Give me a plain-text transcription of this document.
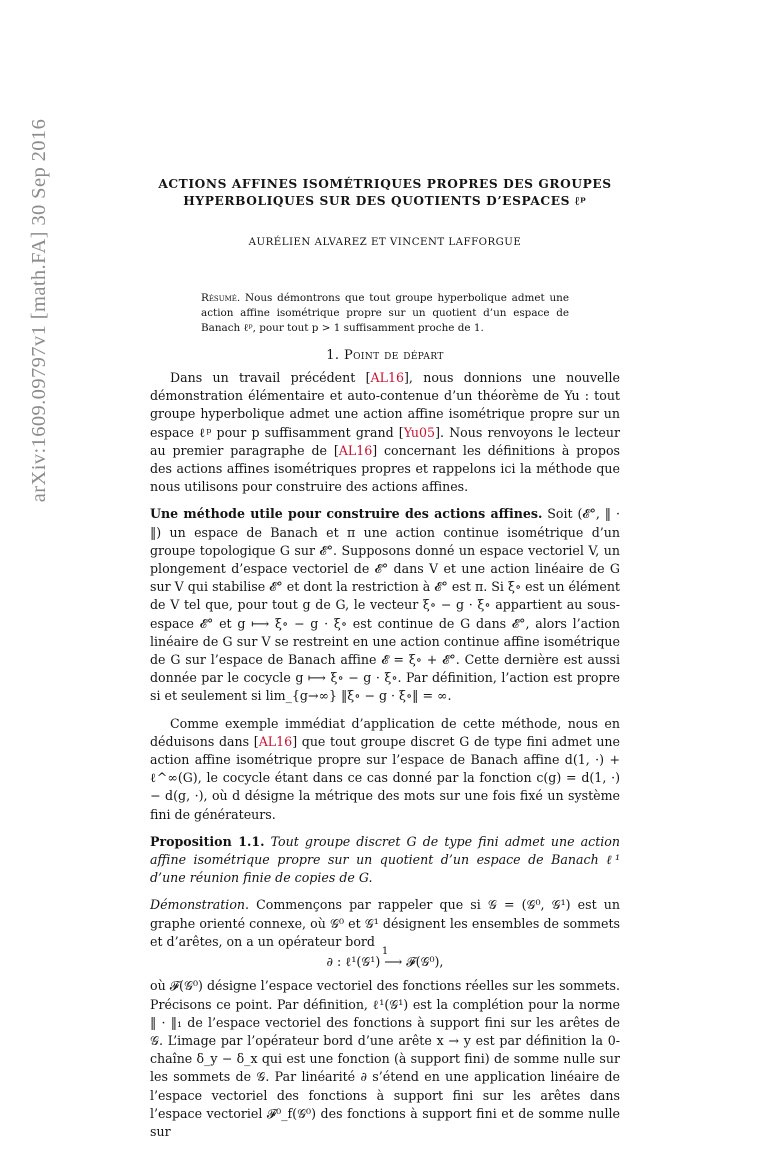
arXiv:1609.09797v1 [math.FA] 30 Sep 2016	ACTIONS AFFINES ISOMÉTRIQUES PROPRES DES GROUPES
HYPERBOLIQUES SUR DES QUOTIENTS D’ESPACES ℓᵖ
AURÉLIEN ALVAREZ ET VINCENT LAFFORGUE
Résumé. Nous démontrons que tout groupe hyperbolique admet une action affine isométrique propre sur un quotient d’un espace de Banach ℓᵖ, pour tout p > 1 suffisamment proche de 1.
1. Point de départ

Dans un travail précédent [AL16], nous donnions une nouvelle démonstration élémentaire et auto-contenue d’un théorème de Yu : tout groupe hyperbolique admet une action affine isométrique propre sur un espace ℓᵖ pour p suffisamment grand [Yu05]. Nous renvoyons le lecteur au premier paragraphe de [AL16] concernant les définitions à propos des actions affines isométriques propres et rappelons ici la méthode que nous utilisons pour construire des actions affines.

Une méthode utile pour construire des actions affines. Soit (𝓔°, ‖ · ‖) un espace de Banach et π une action continue isométrique d’un groupe topologique G sur 𝓔°. Supposons donné un espace vectoriel V, un plongement d’espace vectoriel de 𝓔° dans V et une action linéaire de G sur V qui stabilise 𝓔° et dont la restriction à 𝓔° est π. Si ξ∘ est un élément de V tel que, pour tout g de G, le vecteur ξ∘ − g · ξ∘ appartient au sous-espace 𝓔° et g ⟼ ξ∘ − g · ξ∘ est continue de G dans 𝓔°, alors l’action linéaire de G sur V se restreint en une action continue affine isométrique de G sur l’espace de Banach affine 𝓔 = ξ∘ + 𝓔°. Cette dernière est aussi donnée par le cocycle g ⟼ ξ∘ − g · ξ∘. Par définition, l’action est propre si et seulement si lim_{g→∞} ‖ξ∘ − g · ξ∘‖ = ∞.

Comme exemple immédiat d’application de cette méthode, nous en déduisons dans [AL16] que tout groupe discret G de type fini admet une action affine isométrique propre sur l’espace de Banach affine d(1, ·) + ℓ^∞(G), le cocycle étant dans ce cas donné par la fonction c(g) = d(1, ·) − d(g, ·), où d désigne la métrique des mots sur une fois fixé un système fini de générateurs.

Proposition 1.1. Tout groupe discret G de type fini admet une action affine isométrique propre sur un quotient d’un espace de Banach ℓ¹ d’une réunion finie de copies de G.

Démonstration. Commençons par rappeler que si 𝒢 = (𝒢⁰, 𝒢¹) est un graphe orienté connexe, où 𝒢⁰ et 𝒢¹ désignent les ensembles de sommets et d’arêtes, on a un opérateur bord

∂ : ℓ¹(𝒢¹) ⟶ 𝓕(𝒢⁰),

où 𝓕(𝒢⁰) désigne l’espace vectoriel des fonctions réelles sur les sommets. Précisons ce point. Par définition, ℓ¹(𝒢¹) est la complétion pour la norme ‖ · ‖₁ de l’espace vectoriel des fonctions à support fini sur les arêtes de 𝒢. L’image par l’opérateur bord d’une arête x → y est par définition la 0-chaîne δ_y − δ_x qui est une fonction (à support fini) de somme nulle sur les sommets de 𝒢. Par linéarité ∂ s’étend en une application linéaire de l’espace vectoriel des fonctions à support fini sur les arêtes dans l’espace vectoriel 𝓕⁰_f(𝒢⁰) des fonctions à support fini et de somme nulle sur

1
